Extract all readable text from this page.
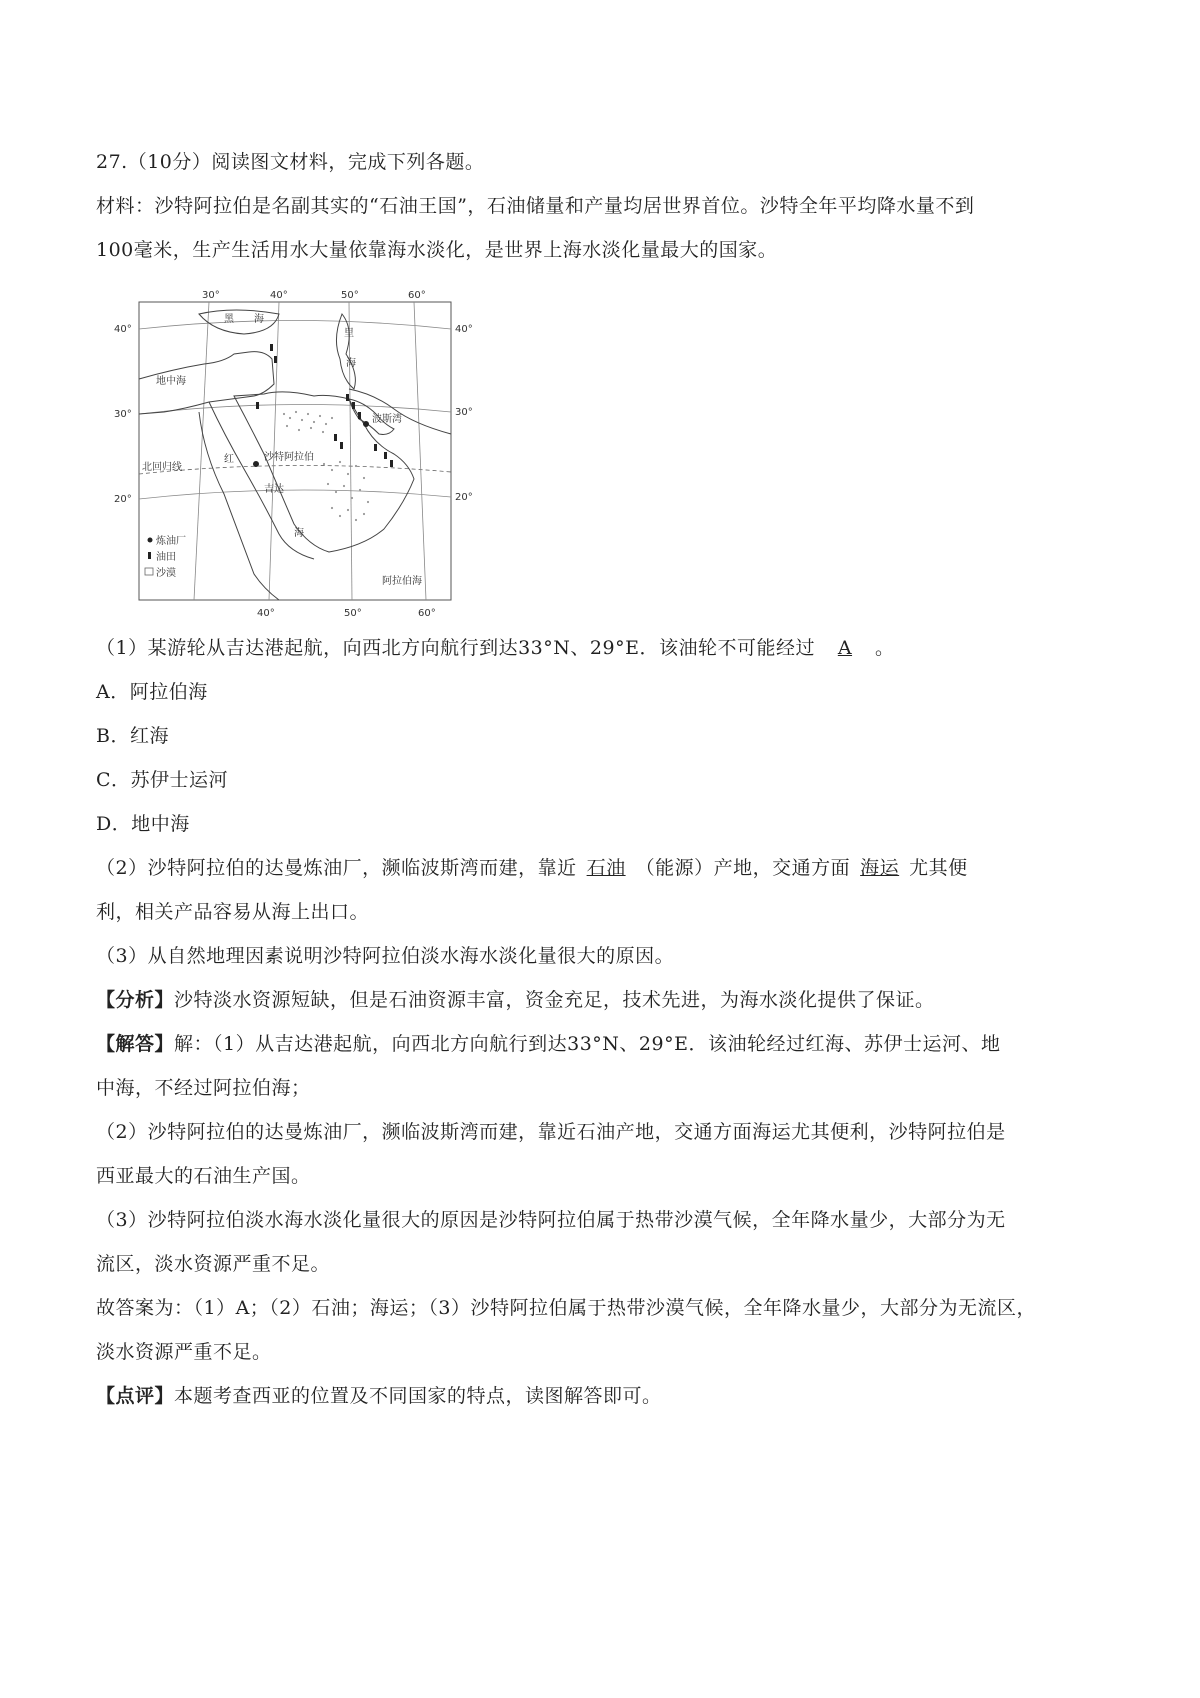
27.（10分）阅读图文材料，完成下列各题。

材料：沙特阿拉伯是名副其实的“石油王国”，石油储量和产量均居世界首位。沙特全年平均降水量不到

100毫米，生产生活用水大量依靠海水淡化，是世界上海水淡化量最大的国家。

30°	40°	50°	60°
40°	50°	60°
40°
30°
20°
40°
30°
20°
黑 海
里
海
地中海
波斯湾
北回归线
红	沙特阿拉伯
吉达
海
阿拉伯海
炼油厂
油田
沙漠

（1）某游轮从吉达港起航，向西北方向航行到达33°N、29°E．该油轮不可能经过 A 。

A．阿拉伯海

B．红海

C．苏伊士运河

D．地中海

（2）沙特阿拉伯的达曼炼油厂，濒临波斯湾而建，靠近 石油 （能源）产地，交通方面 海运 尤其便

利，相关产品容易从海上出口。

（3）从自然地理因素说明沙特阿拉伯淡水海水淡化量很大的原因。

【分析】沙特淡水资源短缺，但是石油资源丰富，资金充足，技术先进，为海水淡化提供了保证。

【解答】解：（1）从吉达港起航，向西北方向航行到达33°N、29°E．该油轮经过红海、苏伊士运河、地

中海，不经过阿拉伯海；

（2）沙特阿拉伯的达曼炼油厂，濒临波斯湾而建，靠近石油产地，交通方面海运尤其便利，沙特阿拉伯是

西亚最大的石油生产国。

（3）沙特阿拉伯淡水海水淡化量很大的原因是沙特阿拉伯属于热带沙漠气候，全年降水量少，大部分为无

流区，淡水资源严重不足。

故答案为：（1）A；（2）石油；海运；（3）沙特阿拉伯属于热带沙漠气候，全年降水量少，大部分为无流区，

淡水资源严重不足。

【点评】本题考查西亚的位置及不同国家的特点，读图解答即可。
